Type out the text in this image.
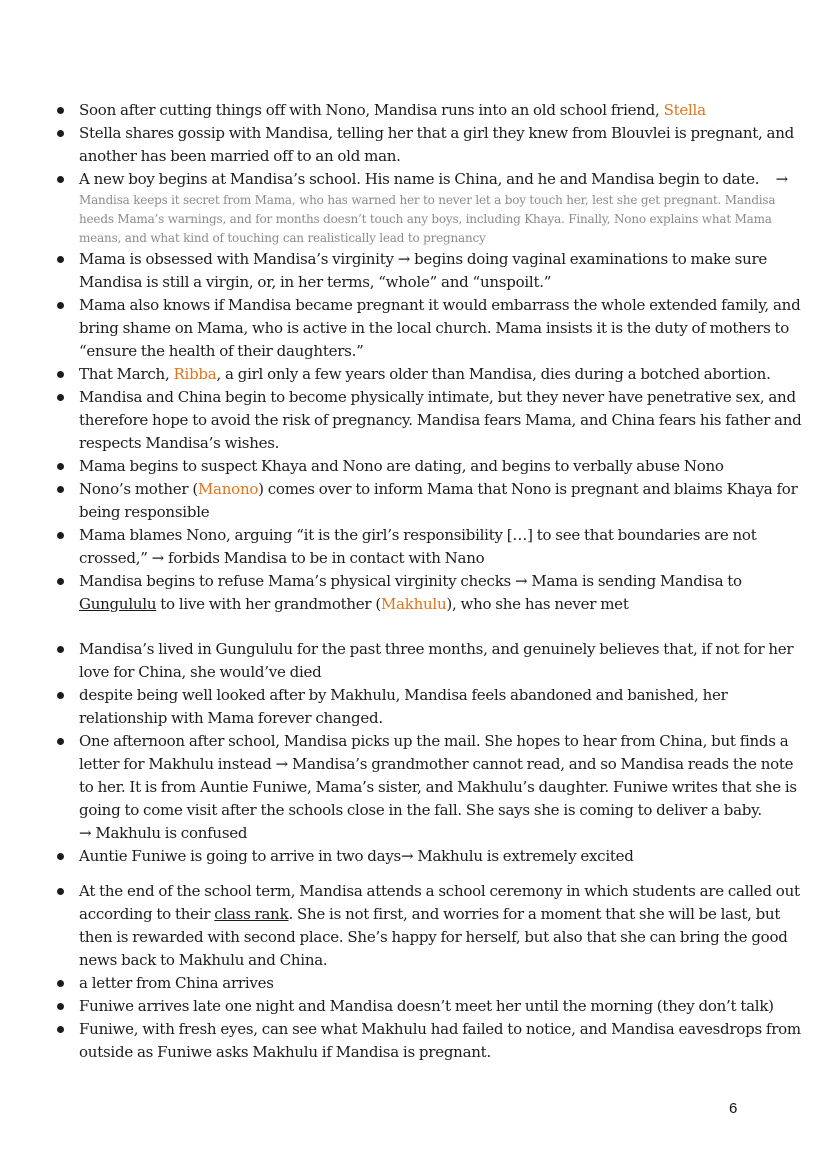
Soon after cutting things off with Nono, Mandisa runs into an old school friend, Stella
Stella shares gossip with Mandisa, telling her that a girl they knew from Blouvlei is pregnant, and another has been married off to an old man.
→
A new boy begins at Mandisa’s school. His name is China, and he and Mandisa begin to date.
Mandisa keeps it secret from Mama, who has warned her to never let a boy touch her, lest she get pregnant. Mandisa heeds Mama’s warnings, and for months doesn’t touch any boys, including Khaya. Finally, Nono explains what Mama means, and what kind of touching can realistically lead to pregnancy
Mama is obsessed with Mandisa’s virginity → begins doing vaginal examinations to make sure Mandisa is still a virgin, or, in her terms, “whole” and “unspoilt.”
Mama also knows if Mandisa became pregnant it would embarrass the whole extended family, and bring shame on Mama, who is active in the local church. Mama insists it is the duty of mothers to “ensure the health of their daughters.”
That March, Ribba, a girl only a few years older than Mandisa, dies during a botched abortion.
Mandisa and China begin to become physically intimate, but they never have penetrative sex, and therefore hope to avoid the risk of pregnancy. Mandisa fears Mama, and China fears his father and respects Mandisa’s wishes.
Mama begins to suspect Khaya and Nono are dating, and begins to verbally abuse Nono
Nono’s mother (Manono) comes over to inform Mama that Nono is pregnant and blaims Khaya for being responsible
Mama blames Nono, arguing “it is the girl’s responsibility […] to see that boundaries are not crossed,” → forbids Mandisa to be in contact with Nano
Mandisa begins to refuse Mama’s physical virginity checks → Mama is sending Mandisa to Gungululu to live with her grandmother (Makhulu), who she has never met
Mandisa’s lived in Gungululu for the past three months, and genuinely believes that, if not for her love for China, she would’ve died
despite being well looked after by Makhulu, Mandisa feels abandoned and banished, her relationship with Mama forever changed.
One afternoon after school, Mandisa picks up the mail. She hopes to hear from China, but finds a letter for Makhulu instead → Mandisa’s grandmother cannot read, and so Mandisa reads the note to her. It is from Auntie Funiwe, Mama’s sister, and Makhulu’s daughter. Funiwe writes that she is going to come visit after the schools close in the fall. She says she is coming to deliver a baby.→ Makhulu is confused
Auntie Funiwe is going to arrive in two days→ Makhulu is extremely excited
At the end of the school term, Mandisa attends a school ceremony in which students are called out according to their class rank. She is not first, and worries for a moment that she will be last, but then is rewarded with second place. She’s happy for herself, but also that she can bring the good news back to Makhulu and China.
a letter from China arrives
Funiwe arrives late one night and Mandisa doesn’t meet her until the morning (they don’t talk)
Funiwe, with fresh eyes, can see what Makhulu had failed to notice, and Mandisa eavesdrops from outside as Funiwe asks Makhulu if Mandisa is pregnant.
6
